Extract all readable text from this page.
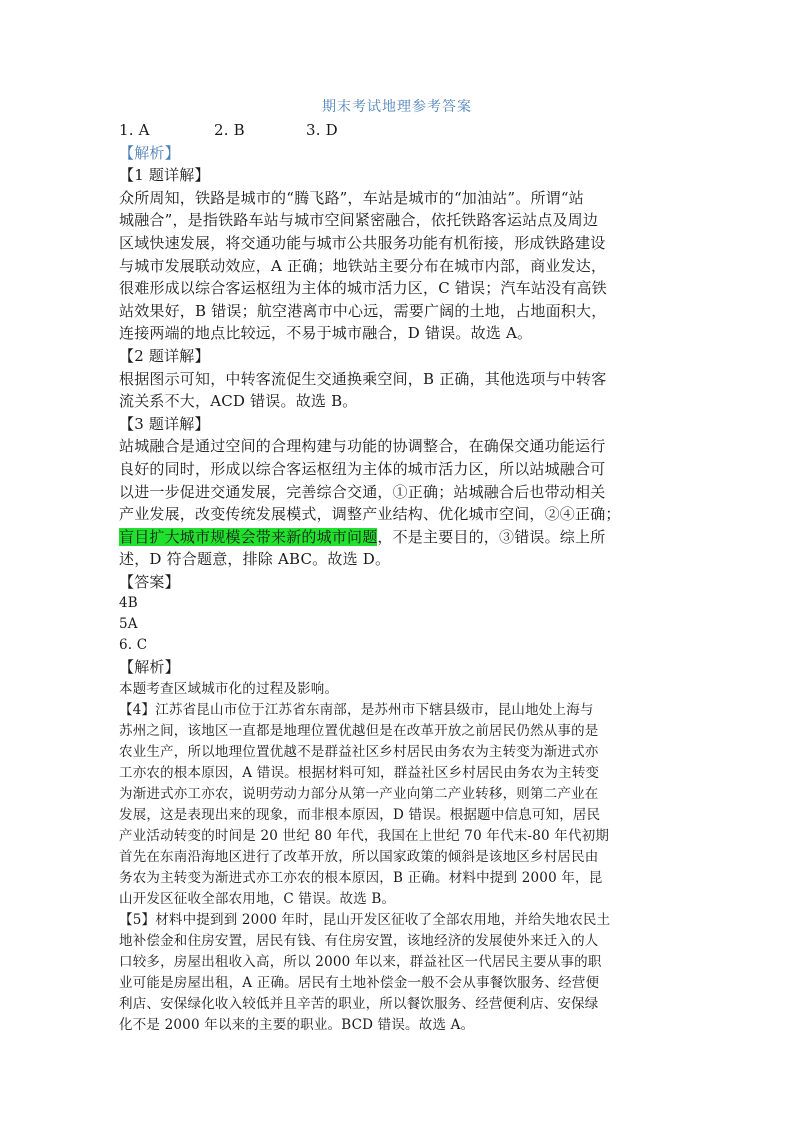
期末考试地理参考答案
1. A	2. B	3. D
【解析】
【1 题详解】
众所周知，铁路是城市的“腾飞路”，车站是城市的“加油站”。所谓“站
城融合”，是指铁路车站与城市空间紧密融合，依托铁路客运站点及周边
区域快速发展，将交通功能与城市公共服务功能有机衔接，形成铁路建设
与城市发展联动效应，A 正确；地铁站主要分布在城市内部，商业发达，
很难形成以综合客运枢纽为主体的城市活力区，C 错误；汽车站没有高铁
站效果好，B 错误；航空港离市中心远，需要广阔的土地，占地面积大，
连接两端的地点比较远，不易于城市融合，D 错误。故选 A。
【2 题详解】
根据图示可知，中转客流促生交通换乘空间，B 正确，其他选项与中转客
流关系不大，ACD 错误。故选 B。
【3 题详解】
站城融合是通过空间的合理构建与功能的协调整合，在确保交通功能运行
良好的同时，形成以综合客运枢纽为主体的城市活力区，所以站城融合可
以进一步促进交通发展，完善综合交通，①正确；站城融合后也带动相关
产业发展，改变传统发展模式，调整产业结构、优化城市空间，②④正确；
盲目扩大城市规模会带来新的城市问题，不是主要目的，③错误。综上所
述，D 符合题意，排除 ABC。故选 D。
【答案】
4B
5A
6. C
【解析】
本题考查区域城市化的过程及影响。
【4】江苏省昆山市位于江苏省东南部，是苏州市下辖县级市，昆山地处上海与
苏州之间，该地区一直都是地理位置优越但是在改革开放之前居民仍然从事的是
农业生产，所以地理位置优越不是群益社区乡村居民由务农为主转变为渐进式亦
工亦农的根本原因，A 错误。根据材料可知，群益社区乡村居民由务农为主转变
为渐进式亦工亦农，说明劳动力部分从第一产业向第二产业转移，则第二产业在
发展，这是表现出来的现象，而非根本原因，D 错误。根据题中信息可知，居民
产业活动转变的时间是 20 世纪 80 年代，我国在上世纪 70 年代末-80 年代初期
首先在东南沿海地区进行了改革开放，所以国家政策的倾斜是该地区乡村居民由
务农为主转变为渐进式亦工亦农的根本原因，B 正确。材料中提到 2000 年，昆
山开发区征收全部农用地，C 错误。故选 B。
【5】材料中提到到 2000 年时，昆山开发区征收了全部农用地，并给失地农民土
地补偿金和住房安置，居民有钱、有住房安置，该地经济的发展使外来迁入的人
口较多，房屋出租收入高，所以 2000 年以来，群益社区一代居民主要从事的职
业可能是房屋出租，A 正确。居民有土地补偿金一般不会从事餐饮服务、经营便
利店、安保绿化收入较低并且辛苦的职业，所以餐饮服务、经营便利店、安保绿
化不是 2000 年以来的主要的职业。BCD 错误。故选 A。
